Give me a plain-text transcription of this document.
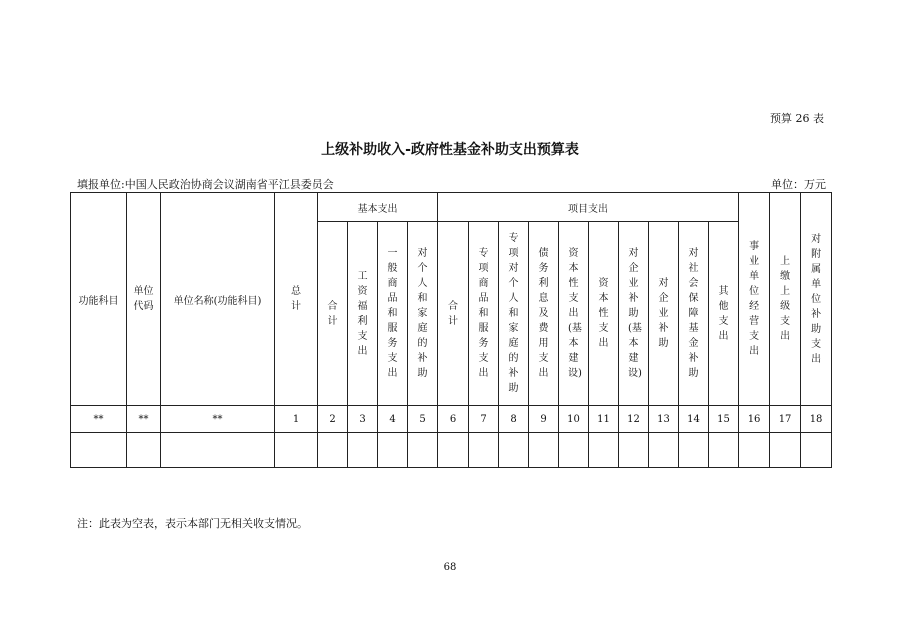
预算 26 表
上级补助收入-政府性基金补助支出预算表
填报单位:中国人民政治协商会议湖南省平江县委员会	单位：万元
功能科目	单位代码	单位名称(功能科目)	总计	基本支出				项目支出										事业单位经营支出	上缴上级支出	对附属单位补助支出
				合计	工资福利支出	一般商品和服务支出	对个人和家庭的补助	合计	专项商品和服务支出	专项对个人和家庭的补助	债务利息及费用支出	资本性支出(基本建设)	资本性支出	对企业补助(基本建设)	对企业补助	对社会保障基金补助	其他支出			
**	**	**	1	2	3	4	5	6	7	8	9	10	11	12	13	14	15	16	17	18

注：此表为空表，表示本部门无相关收支情况。
68
